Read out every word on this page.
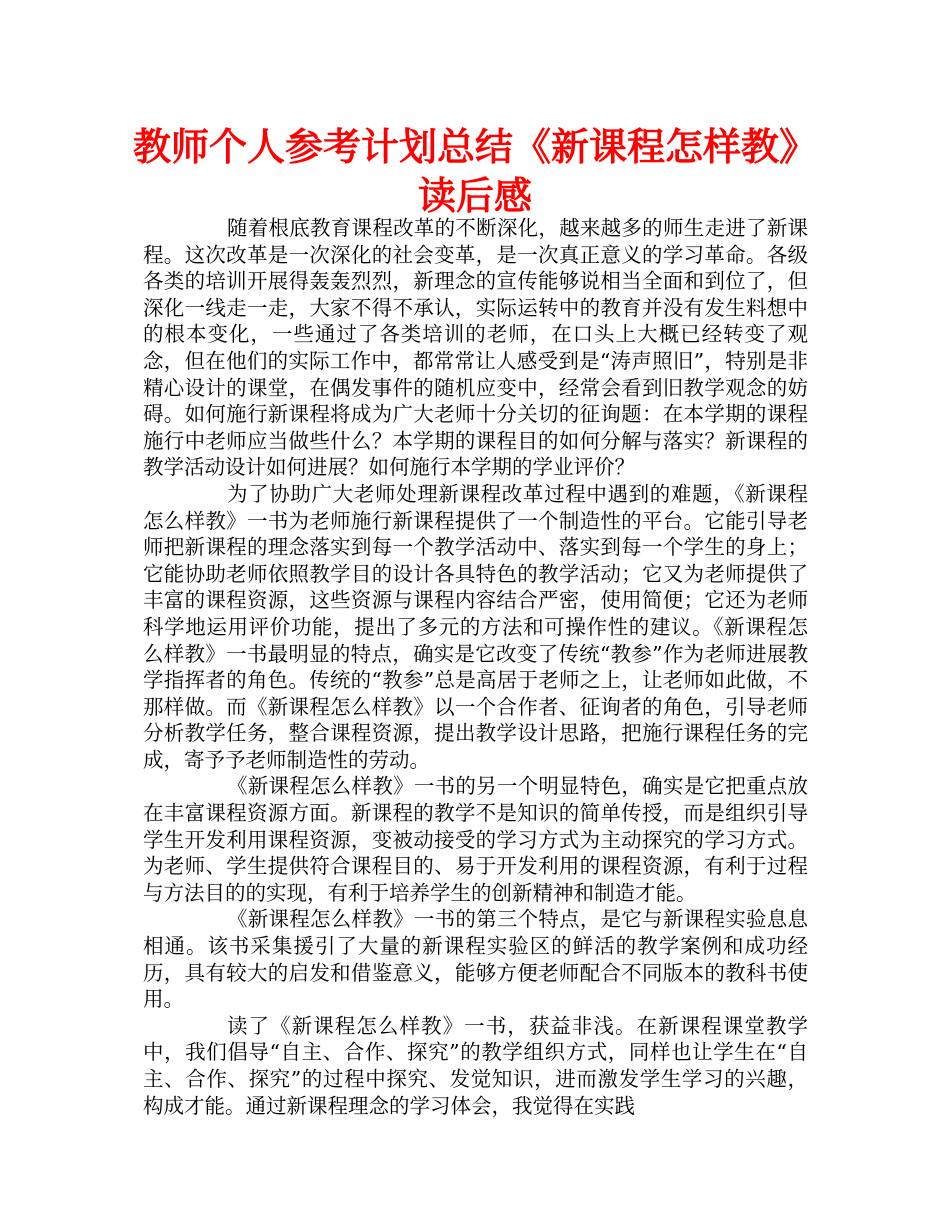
教师个人参考计划总结《新课程怎样教》读后感

随着根底教育课程改革的不断深化，越来越多的师生走进了新课程。这次改革是一次深化的社会变革，是一次真正意义的学习革命。各级各类的培训开展得轰轰烈烈，新理念的宣传能够说相当全面和到位了，但深化一线走一走，大家不得不承认，实际运转中的教育并没有发生料想中的根本变化，一些通过了各类培训的老师，在口头上大概已经转变了观念，但在他们的实际工作中，都常常让人感受到是“涛声照旧”，特别是非精心设计的课堂，在偶发事件的随机应变中，经常会看到旧教学观念的妨碍。如何施行新课程将成为广大老师十分关切的征询题：在本学期的课程施行中老师应当做些什么？本学期的课程目的如何分解与落实？新课程的教学活动设计如何进展？如何施行本学期的学业评价？

为了协助广大老师处理新课程改革过程中遇到的难题，《新课程怎么样教》一书为老师施行新课程提供了一个制造性的平台。它能引导老师把新课程的理念落实到每一个教学活动中、落实到每一个学生的身上；它能协助老师依照教学目的设计各具特色的教学活动；它又为老师提供了丰富的课程资源，这些资源与课程内容结合严密，使用简便；它还为老师科学地运用评价功能，提出了多元的方法和可操作性的建议。《新课程怎么样教》一书最明显的特点，确实是它改变了传统“教参”作为老师进展教学指挥者的角色。传统的“教参”总是高居于老师之上，让老师如此做，不那样做。而《新课程怎么样教》以一个合作者、征询者的角色，引导老师分析教学任务，整合课程资源，提出教学设计思路，把施行课程任务的完成，寄予予老师制造性的劳动。

《新课程怎么样教》一书的另一个明显特色，确实是它把重点放在丰富课程资源方面。新课程的教学不是知识的简单传授，而是组织引导学生开发利用课程资源，变被动接受的学习方式为主动探究的学习方式。为老师、学生提供符合课程目的、易于开发利用的课程资源，有利于过程与方法目的的实现，有利于培养学生的创新精神和制造才能。

《新课程怎么样教》一书的第三个特点，是它与新课程实验息息相通。该书采集援引了大量的新课程实验区的鲜活的教学案例和成功经历，具有较大的启发和借鉴意义，能够方便老师配合不同版本的教科书使用。

读了《新课程怎么样教》一书，获益非浅。在新课程课堂教学中，我们倡导“自主、合作、探究”的教学组织方式，同样也让学生在“自主、合作、探究”的过程中探究、发觉知识，进而激发学生学习的兴趣，构成才能。通过新课程理念的学习体会，我觉得在实践
